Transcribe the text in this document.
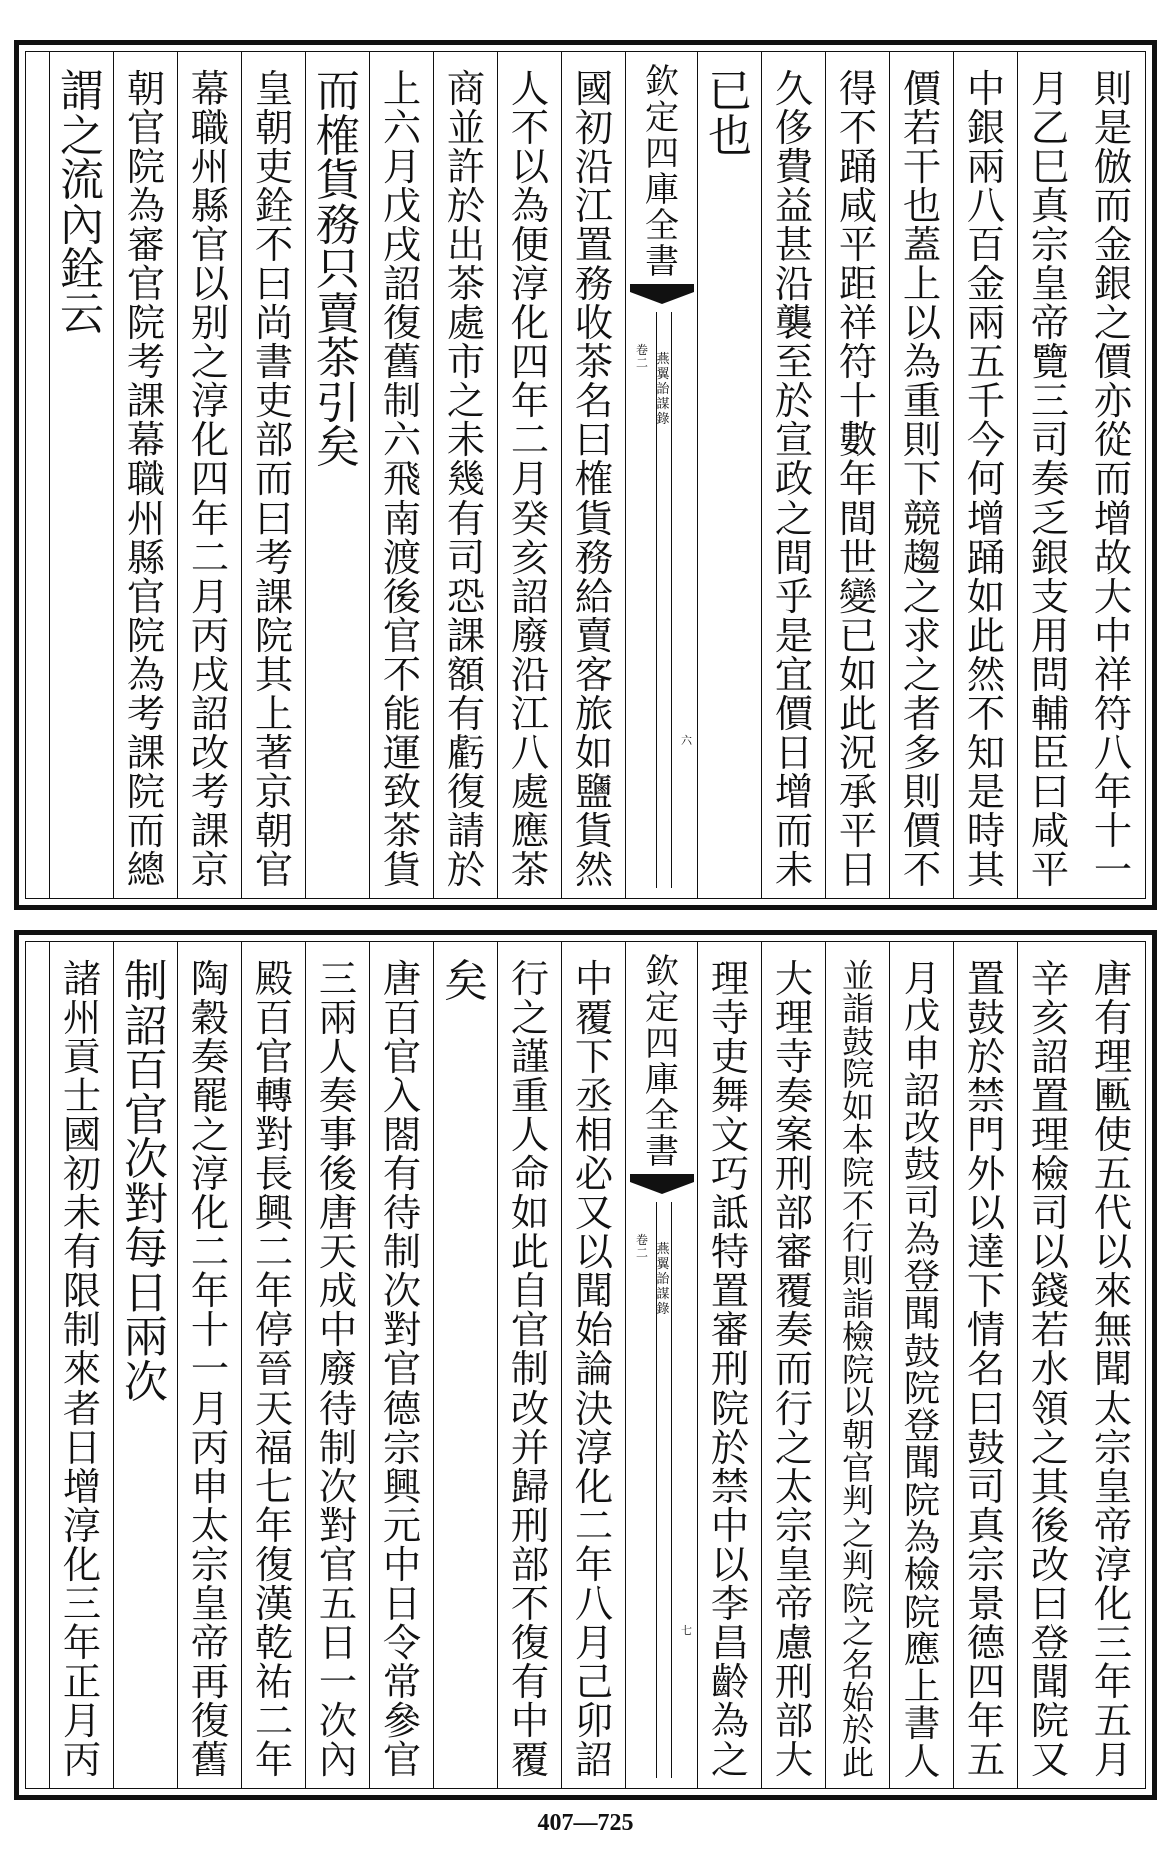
則
是
倣
而
金
銀
之
價
亦
從
而
增
故
大
中
祥
符
八
年
十
一
月
乙
巳
真
宗
皇
帝
覽
三
司
奏
乏
銀
支
用
問
輔
臣
曰
咸
平
中
銀
兩
八
百
金
兩
五
千
今
何
增
踊
如
此
然
不
知
是
時
其
價
若
干
也
蓋
上
以
為
重
則
下
競
趨
之
求
之
者
多
則
價
不
得
不
踊
咸
平
距
祥
符
十
數
年
間
世
變
已
如
此
況
承
平
日
久
侈
費
益
甚
沿
襲
至
於
宣
政
之
間
乎
是
宜
價
日
增
而
未
已
也
欽
定
四
庫
全
書
燕
翼
詒
謀
錄
卷
二
六
國
初
沿
江
置
務
收
茶
名
曰
榷
貨
務
給
賣
客
旅
如
鹽
貨
然
人
不
以
為
便
淳
化
四
年
二
月
癸
亥
詔
廢
沿
江
八
處
應
茶
商
並
許
於
出
茶
處
市
之
未
幾
有
司
恐
課
額
有
虧
復
請
於
上
六
月
戊
戌
詔
復
舊
制
六
飛
南
渡
後
官
不
能
運
致
茶
貨
而
榷
貨
務
只
賣
茶
引
矣
皇
朝
吏
銓
不
曰
尚
書
吏
部
而
曰
考
課
院
其
上
著
京
朝
官
幕
職
州
縣
官
以
别
之
淳
化
四
年
二
月
丙
戌
詔
改
考
課
京
朝
官
院
為
審
官
院
考
課
幕
職
州
縣
官
院
為
考
課
院
而
總
謂
之
流
內
銓
云
唐
有
理
匭
使
五
代
以
來
無
聞
太
宗
皇
帝
淳
化
三
年
五
月
辛
亥
詔
置
理
檢
司
以
錢
若
水
領
之
其
後
改
曰
登
聞
院
又
置
鼓
於
禁
門
外
以
達
下
情
名
曰
鼓
司
真
宗
景
德
四
年
五
月
戊
申
詔
改
鼓
司
為
登
聞
鼓
院
登
聞
院
為
檢
院
應
上
書
人
並
詣
鼓
院
如
本
院
不
行
則
詣
檢
院
以
朝
官
判
之
判
院
之
名
始
於
此
大
理
寺
奏
案
刑
部
審
覆
奏
而
行
之
太
宗
皇
帝
慮
刑
部
大
理
寺
吏
舞
文
巧
詆
特
置
審
刑
院
於
禁
中
以
李
昌
齡
為
之
欽
定
四
庫
全
書
燕
翼
詒
謀
錄
卷
二
七
中
覆
下
丞
相
必
又
以
聞
始
論
決
淳
化
二
年
八
月
己
卯
詔
行
之
謹
重
人
命
如
此
自
官
制
改
并
歸
刑
部
不
復
有
中
覆
矣
唐
百
官
入
閤
有
待
制
次
對
官
德
宗
興
元
中
日
令
常
參
官
三
兩
人
奏
事
後
唐
天
成
中
廢
待
制
次
對
官
五
日
一
次
內
殿
百
官
轉
對
長
興
二
年
停
晉
天
福
七
年
復
漢
乾
祐
二
年
陶
穀
奏
罷
之
淳
化
二
年
十
一
月
丙
申
太
宗
皇
帝
再
復
舊
制
詔
百
官
次
對
每
日
兩
次
諸
州
貢
士
國
初
未
有
限
制
來
者
日
增
淳
化
三
年
正
月
丙
407—725
